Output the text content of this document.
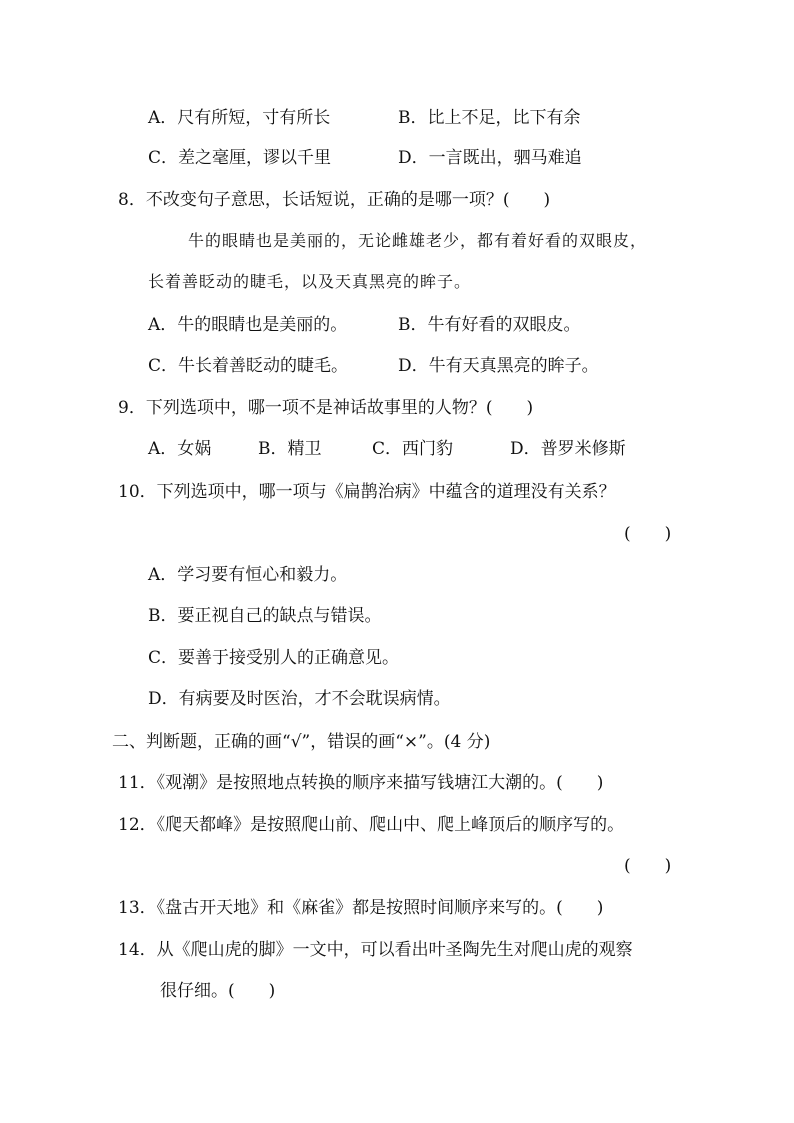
A．尺有所短，寸有所长	B．比上不足，比下有余
C．差之毫厘，谬以千里	D．一言既出，驷马难追
8．不改变句子意思，长话短说，正确的是哪一项？(　　)
牛的眼睛也是美丽的，无论雌雄老少，都有着好看的双眼皮，
长着善眨动的睫毛，以及天真黑亮的眸子。
A．牛的眼睛也是美丽的。	B．牛有好看的双眼皮。
C．牛长着善眨动的睫毛。	D．牛有天真黑亮的眸子。
9．下列选项中，哪一项不是神话故事里的人物？(　　)
A．女娲	B．精卫	C．西门豹	D．普罗米修斯
10．下列选项中，哪一项与《扁鹊治病》中蕴含的道理没有关系？
(　　)
A．学习要有恒心和毅力。
B．要正视自己的缺点与错误。
C．要善于接受别人的正确意见。
D．有病要及时医治，才不会耽误病情。
二、判断题，正确的画“√”，错误的画“×”。(4 分)
11．《观潮》是按照地点转换的顺序来描写钱塘江大潮的。(　　)
12．《爬天都峰》是按照爬山前、爬山中、爬上峰顶后的顺序写的。
(　　)
13．《盘古开天地》和《麻雀》都是按照时间顺序来写的。(　　)
14．从《爬山虎的脚》一文中，可以看出叶圣陶先生对爬山虎的观察
很仔细。(　　)
